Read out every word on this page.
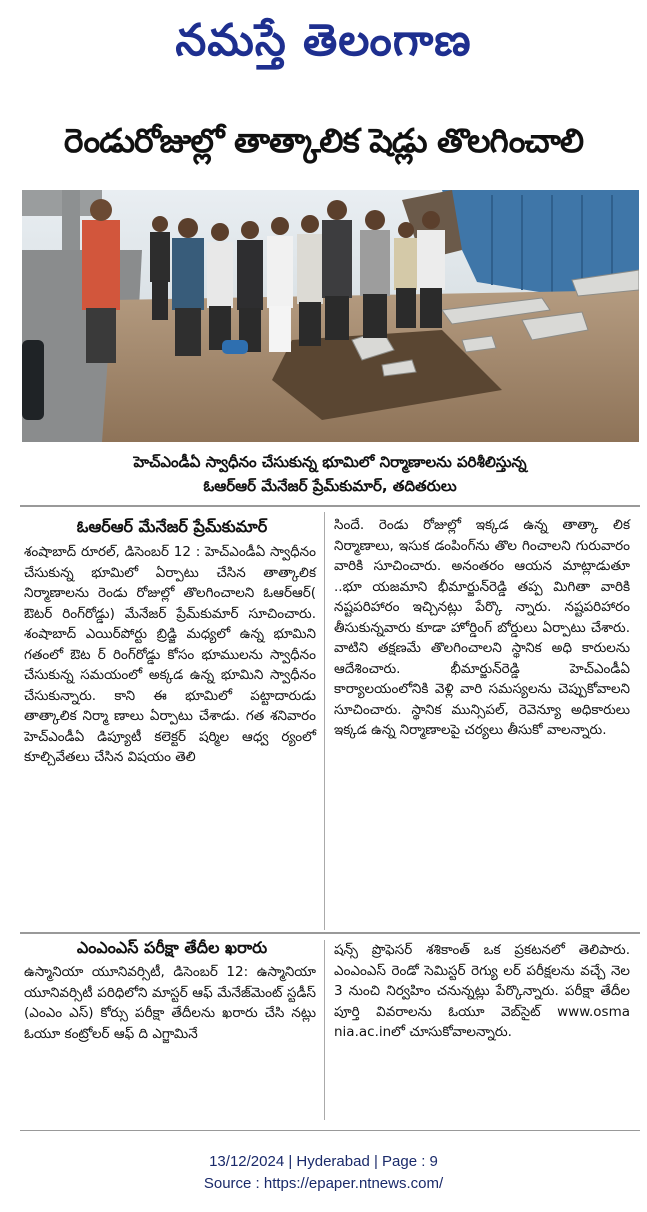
నమస్తే తెలంగాణ
రెండురోజుల్లో తాత్కాలిక షెడ్లు తొలగించాలి
హెచ్‌ఎండీఏ స్వాధీనం చేసుకున్న భూమిలో నిర్మాణాలను పరిశీలిస్తున్న
ఓఆర్‌ఆర్ మేనేజర్ ప్రేమ్‌కుమార్, తదితరులు
ఓఆర్‌ఆర్ మేనేజర్ ప్రేమ్‌కుమార్

శంషాబాద్ రూరల్, డిసెంబర్ 12 : హెచ్‌ఎండీఏ స్వాధీనం చేసుకున్న భూమిలో ఏర్పాటు చేసిన తాత్కాలిక నిర్మాణాలను రెండు రోజుల్లో తొలగించాలని ఓఆర్‌ఆర్( ఔటర్ రింగ్‌రోడ్డు) మేనేజర్ ప్రేమ్‌కుమార్ సూచించారు. శంషాబాద్ ఎయిర్‌పోర్టు బ్రిడ్జి మధ్యలో ఉన్న భూమిని గతంలో ఔట ర్ రింగ్‌రోడ్డు కోసం భూములను స్వాధీనం చేసుకున్న సమయంలో అక్కడ ఉన్న భూమిని స్వాధీనం చేసుకున్నారు. కాని ఈ భూమిలో పట్టాదారుడు తాత్కాలిక నిర్మా ణాలు ఏర్పాటు చేశాడు. గత శనివారం హెచ్‌ఎండీఏ డిప్యూటీ కలెక్టర్ షర్మిల ఆధ్వ ర్యంలో కూల్చివేతలు చేసిన విషయం తెలి

సిందే. రెండు రోజుల్లో ఇక్కడ ఉన్న తాత్కా లిక నిర్మాణాలు, ఇసుక డంపింగ్‌ను తొల గించాలని గురువారం వారికి సూచించారు. అనంతరం ఆయన మాట్లాడుతూ ..భూ యజమాని భీమార్జున్‌రెడ్డి తప్ప మిగితా వారికి నష్టపరిహారం ఇచ్చినట్లు పేర్కొ న్నారు. నష్టపరిహారం తీసుకున్నవారు కూడా హోర్డింగ్ బోర్డులు ఏర్పాటు చేశారు. వాటిని తక్షణమే తొలగించాలని స్థానిక అధి కారులను ఆదేశించారు. భీమార్జున్‌రెడ్డి హెచ్‌ఎండీఏ కార్యాలయంలోనికి వెళ్లి వారి సమస్యలను చెప్పుకోవాలని సూచించారు. స్థానిక మున్సిపల్, రెవెన్యూ అధికారులు ఇక్కడ ఉన్న నిర్మాణాలపై చర్యలు తీసుకో వాలన్నారు.

ఎంఎంఎస్ పరీక్షా తేదీల ఖరారు

ఉస్మానియా యూనివర్సిటీ, డిసెంబర్ 12: ఉస్మానియా యూనివర్సిటీ పరిధిలోని మాస్టర్ ఆఫ్ మేనేజ్‌మెంట్ స్టడీస్ (ఎంఎం ఎస్) కోర్సు పరీక్షా తేదీలను ఖరారు చేసి నట్లు ఓయూ కంట్రోలర్ ఆఫ్ ది ఎగ్జామినే

షన్స్ ప్రొఫెసర్ శశికాంత్ ఒక ప్రకటనలో తెలిపారు. ఎంఎంఎస్ రెండో సెమిస్టర్ రెగ్యు లర్ పరీక్షలను వచ్చే నెల 3 నుంచి నిర్వహిం చనున్నట్లు పేర్కొన్నారు. పరీక్షా తేదీల పూర్తి వివరాలను ఓయూ వెబ్‌సైట్ www.osma nia.ac.inలో చూసుకోవాలన్నారు.

13/12/2024 | Hyderabad | Page : 9
Source : https://epaper.ntnews.com/
